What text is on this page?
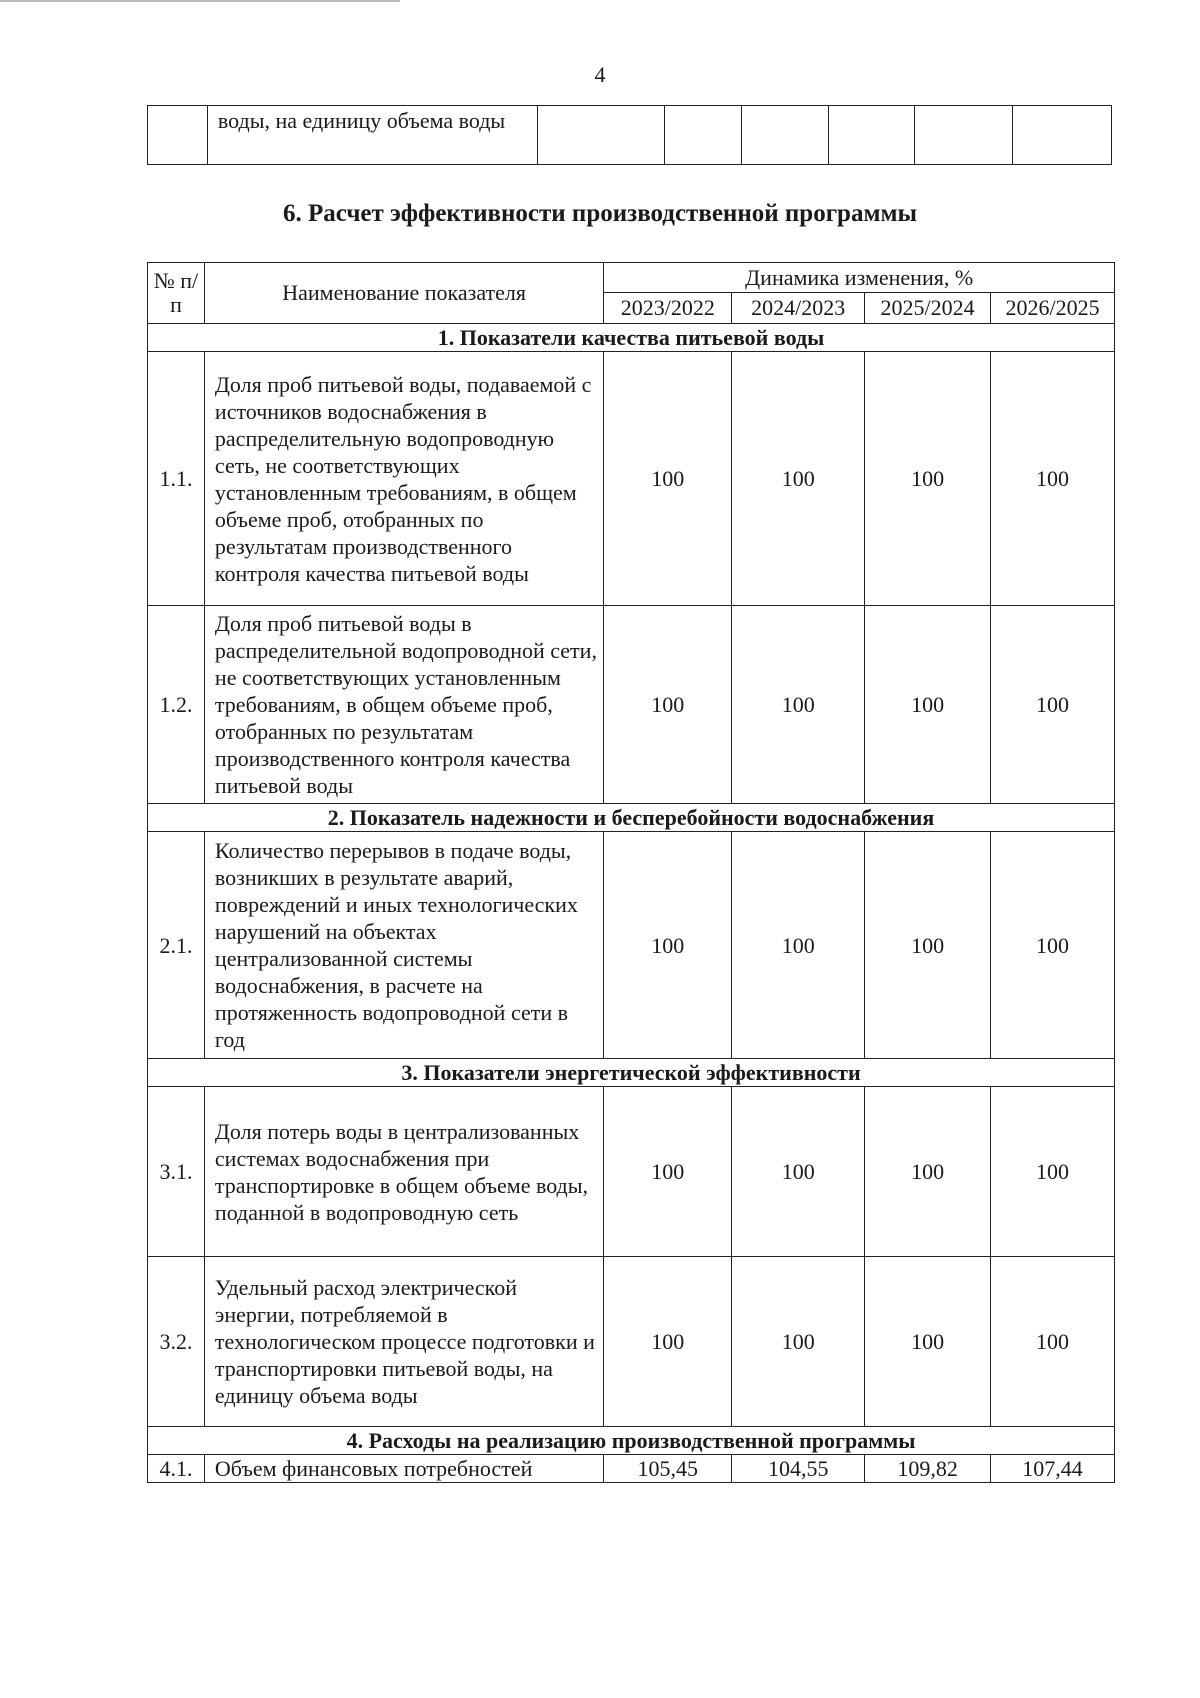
4
	воды, на единицу объема воды						
6. Расчет эффективности производственной программы
№ п/п	Наименование показателя	Динамика изменения, %			
		2023/2022	2024/2023	2025/2024	2026/2025
1. Показатели качества питьевой воды					
1.1.	Доля проб питьевой воды, подаваемой с источников водоснабжения в распределительную водопроводную сеть, не соответствующих установленным требованиям, в общем объеме проб, отобранных по результатам производственного контроля качества питьевой воды	100	100	100	100
1.2.	Доля проб питьевой воды в распределительной водопроводной сети, не соответствующих установленным требованиям, в общем объеме проб, отобранных по результатам производственного контроля качества питьевой воды	100	100	100	100
2. Показатель надежности и бесперебойности водоснабжения					
2.1.	Количество перерывов в подаче воды, возникших в результате аварий, повреждений и иных технологических нарушений на объектах централизованной системы водоснабжения, в расчете на протяженность водопроводной сети в год	100	100	100	100
3. Показатели энергетической эффективности					
3.1.	Доля потерь воды в централизованных системах водоснабжения при транспортировке в общем объеме воды, поданной в водопроводную сеть	100	100	100	100
3.2.	Удельный расход электрической энергии, потребляемой в технологическом процессе подготовки и транспортировки питьевой воды, на единицу объема воды	100	100	100	100
4. Расходы на реализацию производственной программы					
4.1.	Объем финансовых потребностей	105,45	104,55	109,82	107,44
